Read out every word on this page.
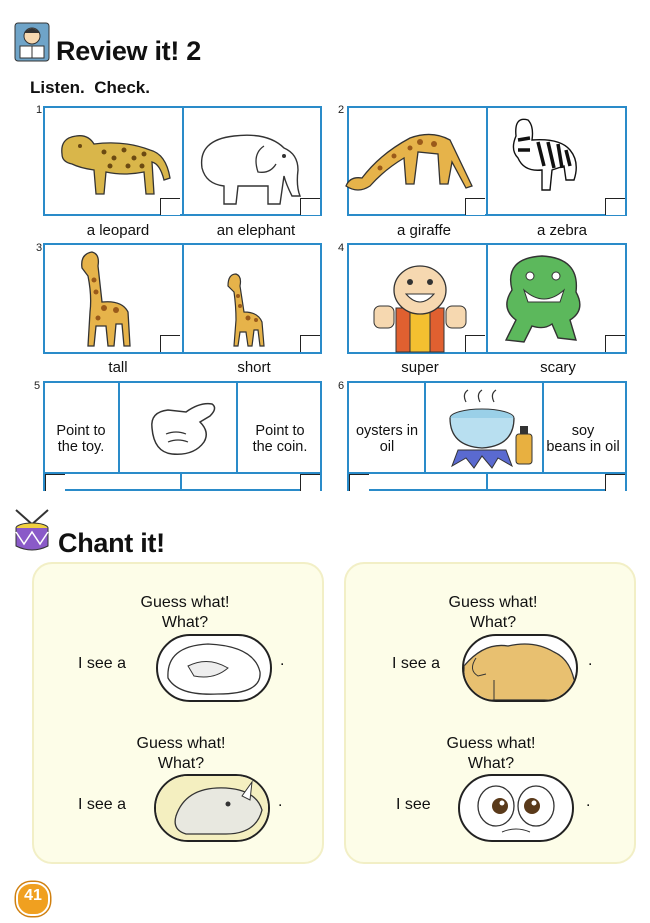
Review it! 2
Listen.  Check.
1
a leopard	an elephant
2
a giraffe	a zebra
3
tall	short
4
super	scary
5
Point to
the toy.
Point to
the coin.
6
oysters in
oil
soy
beans in oil
Chant it!
Guess what!
What?
I see a	.
Guess what!
What?
I see a	.
Guess what!
What?
I see a	.
Guess what!
What?
I see	.
41
